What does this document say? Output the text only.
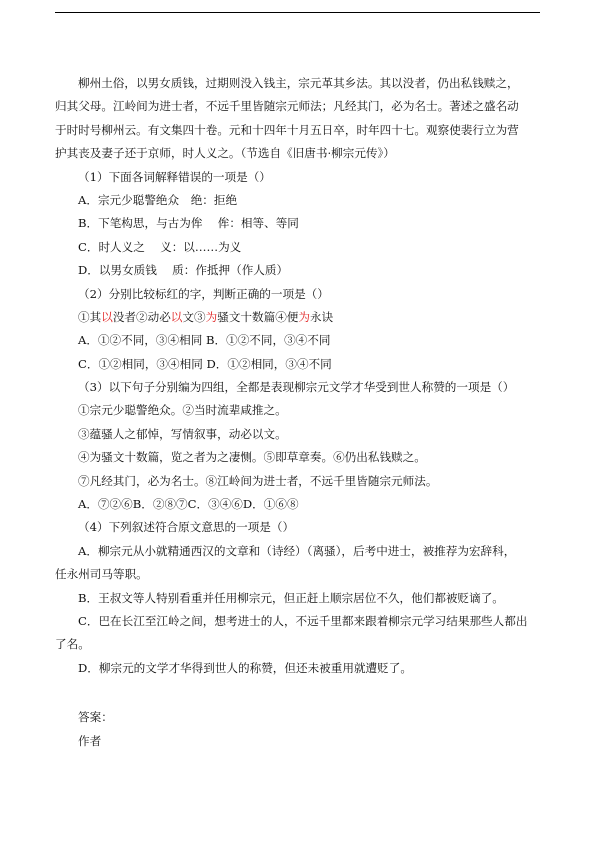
柳州土俗，以男女质钱，过期则没入钱主，宗元革其乡法。其以没者，仍出私钱赎之，
归其父母。江岭间为进士者，不远千里皆随宗元师法；凡经其门，必为名士。著述之盛名动
于时时号柳州云。有文集四十卷。元和十四年十月五日卒，时年四十七。观察使裴行立为营
护其丧及妻子还于京师，时人义之。（节选自《旧唐书·柳宗元传》）
（1）下面各词解释错误的一项是（）
A．宗元少聪警绝众　绝：拒绝
B．下笔构思，与古为侔　 侔：相等、等同
C．时人义之　 义：以……为义
D．以男女质钱　 质：作抵押（作人质）
（2）分别比较标红的字，判断正确的一项是（）
①其以没者②动必以文③为骚文十数篇④便为永诀
A．①②不同，③④相同 B．①②不同，③④不同
C．①②相同，③④相同 D．①②相同，③④不同
（3）以下句子分别编为四组，全都是表现柳宗元文学才华受到世人称赞的一项是（）
①宗元少聪警绝众。②当时流辈咸推之。
③蕴骚人之郁悼，写情叙事，动必以文。
④为骚文十数篇，览之者为之凄恻。⑤即草章奏。⑥仍出私钱赎之。
⑦凡经其门，必为名士。⑧江岭间为进士者，不远千里皆随宗元师法。
A．⑦②⑥B．②⑧⑦C．③④⑥D．①⑥⑧
（4）下列叙述符合原文意思的一项是（）
A．柳宗元从小就精通西汉的文章和（诗经）（离骚），后考中进士，被推荐为宏辞科，
任永州司马等职。
B．王叔文等人特别看重并任用柳宗元，但正赶上顺宗居位不久，他们都被贬谪了。
C．巴在长江至江岭之间，想考进士的人，不远千里都来跟着柳宗元学习结果那些人都出
了名。
D．柳宗元的文学才华得到世人的称赞，但还未被重用就遭贬了。
答案：
作者
